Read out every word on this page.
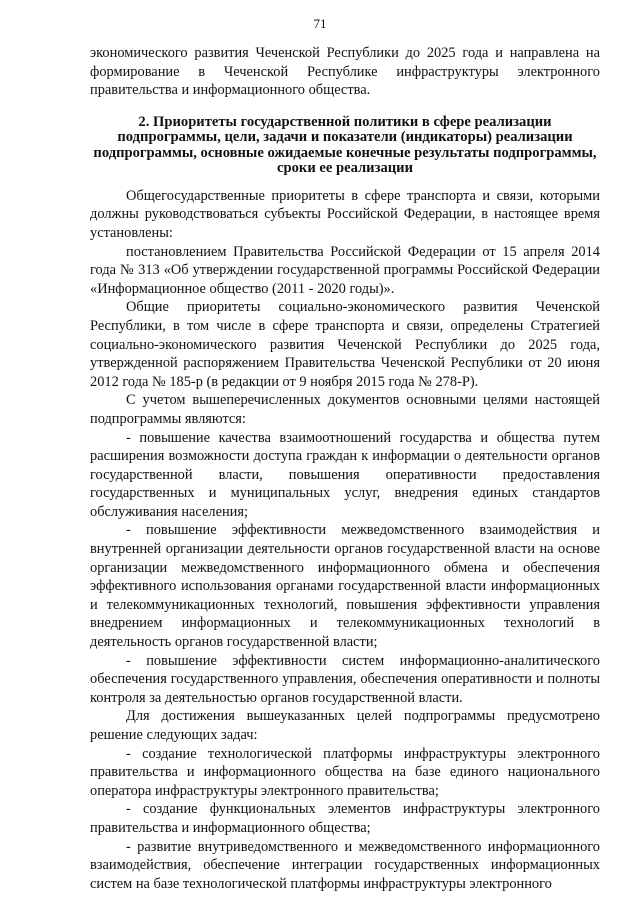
71

экономического развития Чеченской Республики до 2025 года и направлена на формирование в Чеченской Республике инфраструктуры электронного правительства и информационного общества.

2. Приоритеты государственной политики в сфере реализации подпрограммы, цели, задачи и показатели (индикаторы) реализации подпрограммы, основные ожидаемые конечные результаты подпрограммы, сроки ее реализации

Общегосударственные приоритеты в сфере транспорта и связи, которыми должны руководствоваться субъекты Российской Федерации, в настоящее время установлены:

постановлением Правительства Российской Федерации от 15 апреля 2014 года № 313 «Об утверждении государственной программы Российской Федерации «Информационное общество (2011 - 2020 годы)».

Общие приоритеты социально-экономического развития Чеченской Республики, в том числе в сфере транспорта и связи, определены Стратегией социально-экономического развития Чеченской Республики до 2025 года, утвержденной распоряжением Правительства Чеченской Республики от 20 июня 2012 года № 185-р (в редакции от 9 ноября 2015 года № 278-Р).

С учетом вышеперечисленных документов основными целями настоящей подпрограммы являются:

- повышение качества взаимоотношений государства и общества путем расширения возможности доступа граждан к информации о деятельности органов государственной власти, повышения оперативности предоставления государственных и муниципальных услуг, внедрения единых стандартов обслуживания населения;

- повышение эффективности межведомственного взаимодействия и внутренней организации деятельности органов государственной власти на основе организации межведомственного информационного обмена и обеспечения эффективного использования органами государственной власти информационных и телекоммуникационных технологий, повышения эффективности управления внедрением информационных и телекоммуникационных технологий в деятельность органов государственной власти;

- повышение эффективности систем информационно-аналитического обеспечения государственного управления, обеспечения оперативности и полноты контроля за деятельностью органов государственной власти.

Для достижения вышеуказанных целей подпрограммы предусмотрено решение следующих задач:

- создание технологической платформы инфраструктуры электронного правительства и информационного общества на базе единого национального оператора инфраструктуры электронного правительства;

- создание функциональных элементов инфраструктуры электронного правительства и информационного общества;

- развитие внутриведомственного и межведомственного информационного взаимодействия, обеспечение интеграции государственных информационных систем на базе технологической платформы инфраструктуры электронного
